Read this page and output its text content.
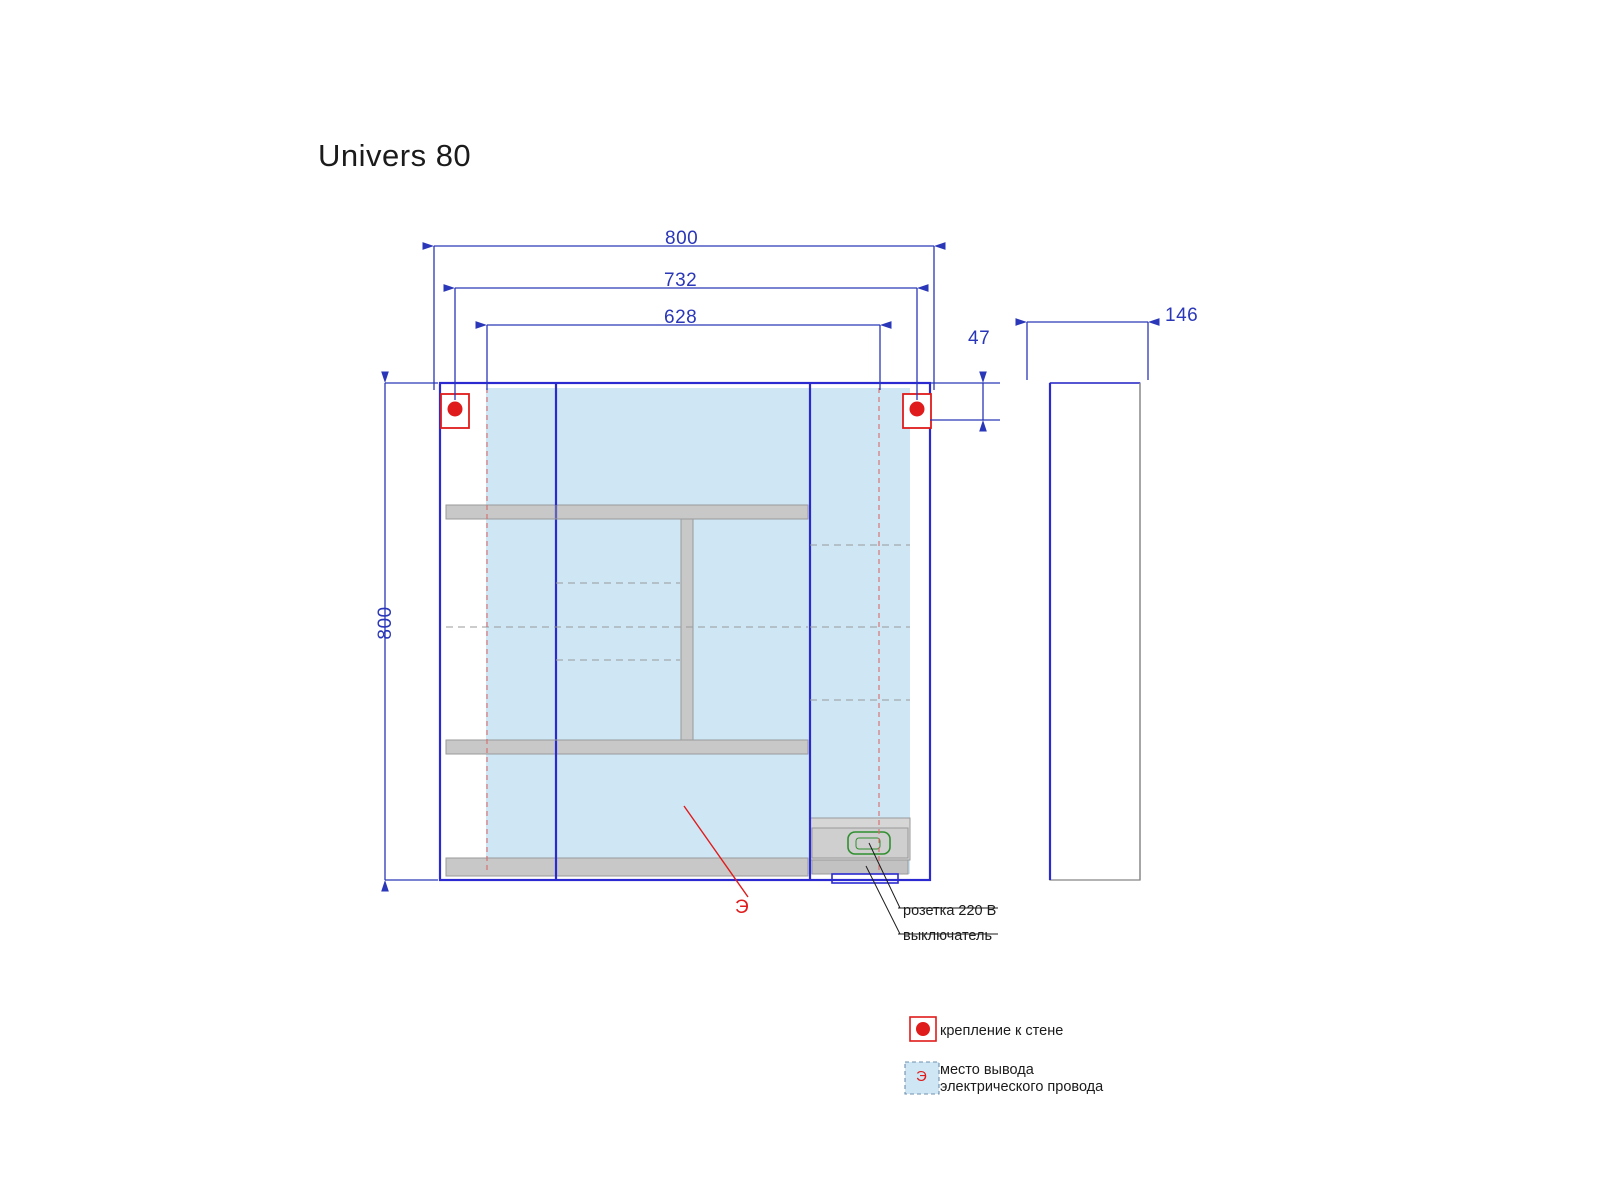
Univers 80
800
732
628
47
800
146
Э	розетка 220 В
выключатель
крепление к стене
место вывода
электрического провода
Э
